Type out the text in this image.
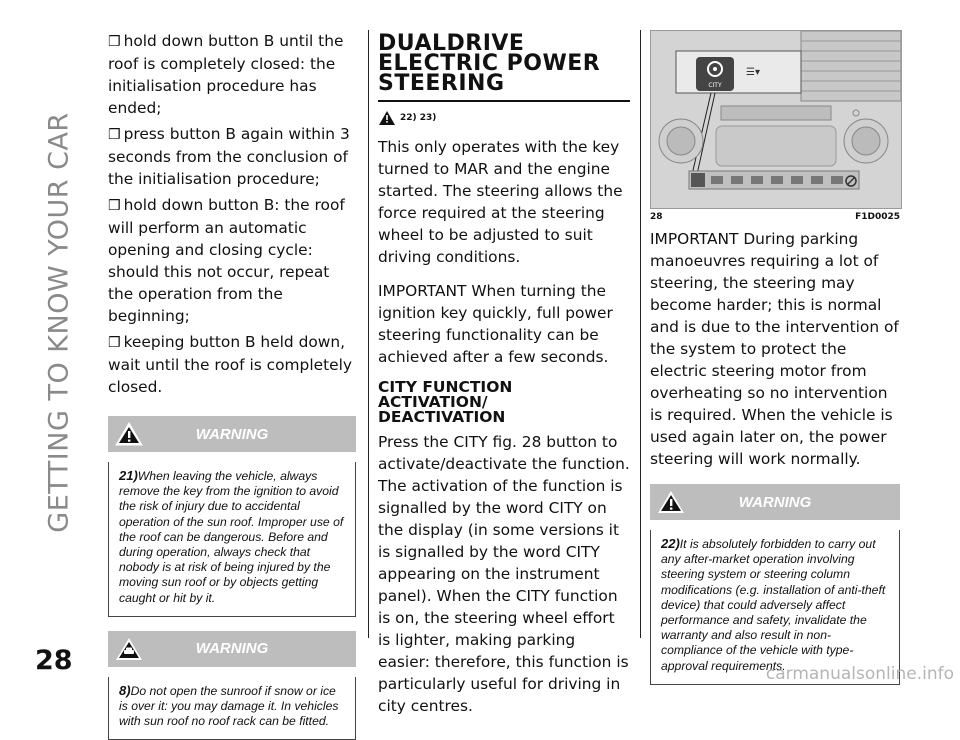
GETTING TO KNOW YOUR CAR
❒ hold down button B until the roof is completely closed: the initialisation procedure has ended;
❒ press button B again within 3 seconds from the conclusion of the initialisation procedure;
❒ hold down button B: the roof will perform an automatic opening and closing cycle: should this not occur, repeat the operation from the beginning;
❒ keeping button B held down, wait until the roof is completely closed.
WARNING
21)When leaving the vehicle, always remove the key from the ignition to avoid the risk of injury due to accidental operation of the sun roof. Improper use of the roof can be dangerous. Before and during operation, always check that nobody is at risk of being injured by the moving sun roof or by objects getting caught or hit by it.
WARNING
8)Do not open the sunroof if snow or ice is over it: you may damage it. In vehicles with sun roof no roof rack can be fitted.
DUALDRIVE
ELECTRIC POWER
STEERING
22) 23)

This only operates with the key turned to MAR and the engine started. The steering allows the force required at the steering wheel to be adjusted to suit driving conditions.

IMPORTANT When turning the ignition key quickly, full power steering functionality can be achieved after a few seconds.

CITY FUNCTION
ACTIVATION/
DEACTIVATION

Press the CITY fig. 28 button to activate/deactivate the function. The activation of the function is signalled by the word CITY on the display (in some versions it is signalled by the word CITY appearing on the instrument panel). When the CITY function is on, the steering wheel effort is lighter, making parking easier: therefore, this function is particularly useful for driving in city centres.

CITY
☰▾
28	F1D0025

IMPORTANT During parking manoeuvres requiring a lot of steering, the steering may become harder; this is normal and is due to the intervention of the system to protect the electric steering motor from overheating so no intervention is required. When the vehicle is used again later on, the power steering will work normally.

WARNING
22)It is absolutely forbidden to carry out any after-market operation involving steering system or steering column modifications (e.g. installation of anti-theft device) that could adversely affect performance and safety, invalidate the warranty and also result in non-compliance of the vehicle with type-approval requirements.
28	carmanualsonline.info
